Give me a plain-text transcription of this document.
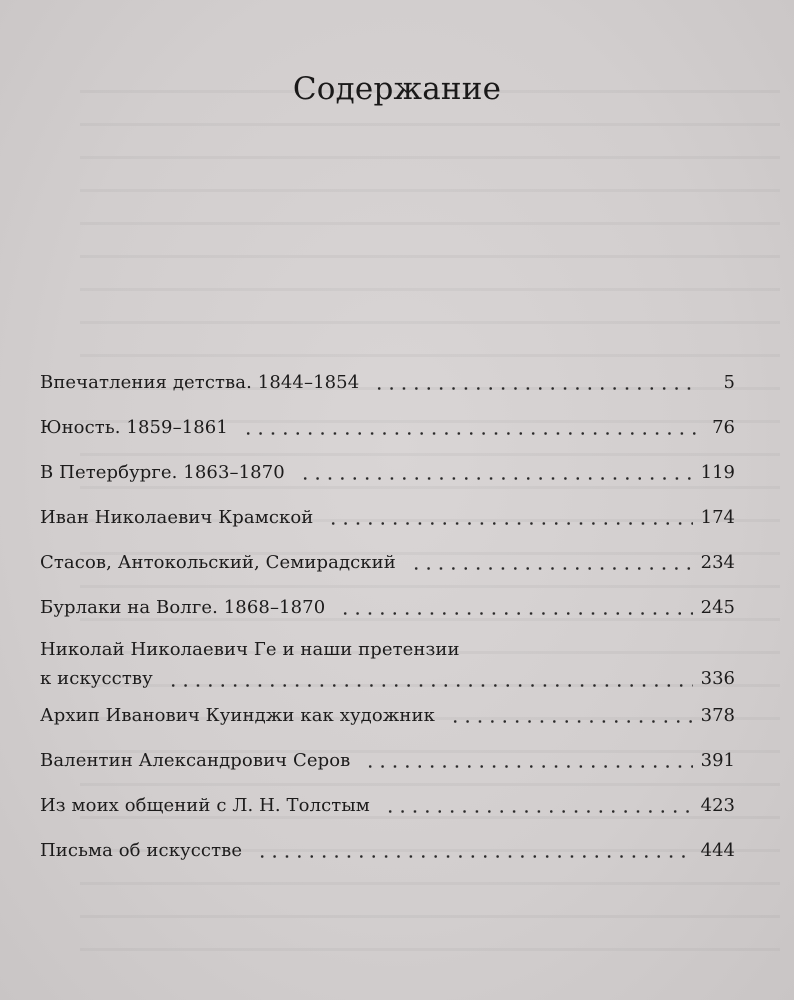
Содержание
Впечатления детства. 1844–1854	5
Юность. 1859–1861	76
В Петербурге. 1863–1870	119
Иван Николаевич Крамской	174
Стасов, Антокольский, Семирадский	234
Бурлаки на Волге. 1868–1870	245
Николай Николаевич Ге и наши претензии
к искусству	336
Архип Иванович Куинджи как художник	378
Валентин Александрович Серов	391
Из моих общений с Л. Н. Толстым	423
Письма об искусстве	444
